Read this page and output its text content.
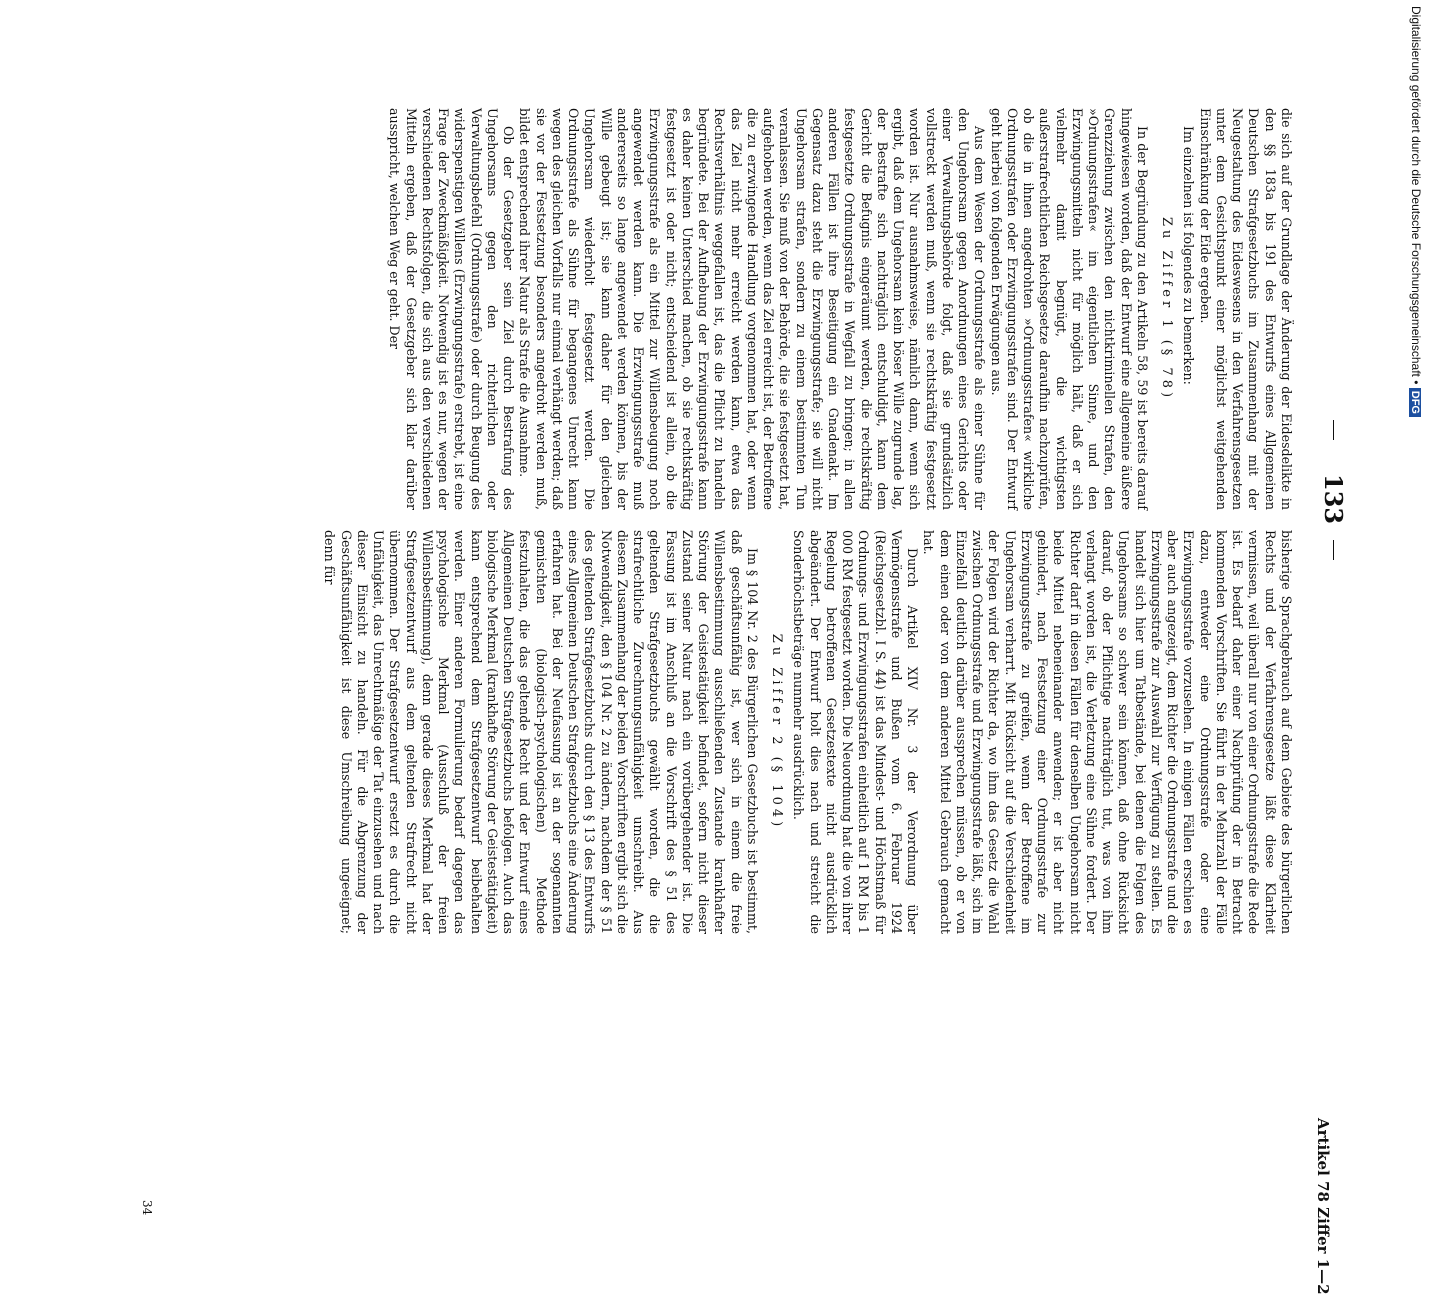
133
Artikel 78 Ziffer 1—2

die sich auf der Grundlage der Änderung der Eidesdelikte in den §§ 183a bis 191 des Entwurfs eines Allgemeinen Deutschen Strafgesetzbuchs im Zusammenhang mit der Neugestaltung des Eideswesens in den Verfahrensgesetzen unter dem Gesichtspunkt einer möglichst weitgehenden Einschränkung der Eide ergeben.

Im einzelnen ist folgendes zu bemerken:

Zu Ziffer 1 (§ 78)

In der Begründung zu den Artikeln 58, 59 ist bereits darauf hingewiesen worden, daß der Entwurf eine allgemeine äußere Grenzziehung zwischen den nichtkriminellen Strafen, den »Ordnungsstrafen« im eigentlichen Sinne, und den Erzwingungsmitteln nicht für möglich hält, daß er sich vielmehr damit begnügt, die wichtigsten außerstrafrechtlichen Reichsgesetze daraufhin nachzuprüfen, ob die in ihnen angedrohten »Ordnungsstrafen« wirkliche Ordnungsstrafen oder Erzwingungsstrafen sind. Der Entwurf geht hierbei von folgenden Erwägungen aus.

Aus dem Wesen der Ordnungsstrafe als einer Sühne für den Ungehorsam gegen Anordnungen eines Gerichts oder einer Verwaltungsbehörde folgt, daß sie grundsätzlich vollstreckt werden muß, wenn sie rechtskräftig festgesetzt worden ist. Nur ausnahmsweise, nämlich dann, wenn sich ergibt, daß dem Ungehorsam kein böser Wille zugrunde lag, der Bestrafte sich nachträglich entschuldigt, kann dem Gericht die Befugnis eingeräumt werden, die rechtskräftig festgesetzte Ordnungsstrafe in Wegfall zu bringen; in allen anderen Fällen ist ihre Beseitigung ein Gnadenakt. Im Gegensatz dazu steht die Erzwingungsstrafe; sie will nicht Ungehorsam strafen, sondern zu einem bestimmten Tun veranlassen. Sie muß von der Behörde, die sie festgesetzt hat, aufgehoben werden, wenn das Ziel erreicht ist, der Betroffene die zu erzwingende Handlung vorgenommen hat, oder wenn das Ziel nicht mehr erreicht werden kann, etwa das Rechtsverhältnis weggefallen ist, das die Pflicht zu handeln begründete. Bei der Aufhebung der Erzwingungsstrafe kann es daher keinen Unterschied machen, ob sie rechtskräftig festgesetzt ist oder nicht; entscheidend ist allein, ob die Erzwingungsstrafe als ein Mittel zur Willensbeugung noch angewendet werden kann. Die Erzwingungsstrafe muß andererseits so lange angewendet werden können, bis der Wille gebeugt ist; sie kann daher für den gleichen Ungehorsam wiederholt festgesetzt werden. Die Ordnungsstrafe als Sühne für begangenes Unrecht kann wegen des gleichen Vorfalls nur einmal verhängt werden; daß sie vor der Festsetzung besonders angedroht werden muß, bildet entsprechend ihrer Natur als Strafe die Ausnahme.

Ob der Gesetzgeber sein Ziel durch Bestrafung des Ungehorsams gegen den richterlichen oder Verwaltungsbefehl (Ordnungsstrafe) oder durch Beugung des widerspenstigen Willens (Erzwingungsstrafe) erstrebt, ist eine Frage der Zweckmäßigkeit. Notwendig ist es nur, wegen der verschiedenen Rechtsfolgen, die sich aus den verschiedenen Mitteln ergeben, daß der Gesetzgeber sich klar darüber ausspricht, welchen Weg er geht. Der

bisherige Sprachgebrauch auf dem Gebiete des bürgerlichen Rechts und der Verfahrensgesetze läßt diese Klarheit vermissen, weil überall nur von einer Ordnungsstrafe die Rede ist. Es bedarf daher einer Nachprüfung der in Betracht kommenden Vorschriften. Sie führt in der Mehrzahl der Fälle dazu, entweder eine Ordnungsstrafe oder eine Erzwingungsstrafe vorzusehen. In einigen Fällen erschien es aber auch angezeigt, dem Richter die Ordnungsstrafe und die Erzwingungsstrafe zur Auswahl zur Verfügung zu stellen. Es handelt sich hier um Tatbestände, bei denen die Folgen des Ungehorsams so schwer sein können, daß ohne Rücksicht darauf, ob der Pflichtige nachträglich tut, was von ihm verlangt worden ist, die Verletzung eine Sühne fordert. Der Richter darf in diesen Fällen für denselben Ungehorsam nicht beide Mittel nebeneinander anwenden; er ist aber nicht gehindert, nach Festsetzung einer Ordnungsstrafe zur Erzwingungsstrafe zu greifen, wenn der Betroffene im Ungehorsam verharrt. Mit Rücksicht auf die Verschiedenheit der Folgen wird der Richter da, wo ihm das Gesetz die Wahl zwischen Ordnungsstrafe und Erzwingungsstrafe läßt, sich im Einzelfall deutlich darüber aussprechen müssen, ob er von dem einen oder von dem anderen Mittel Gebrauch gemacht hat.

Durch Artikel XIV Nr. 3 der Verordnung über Vermögensstrafe und Bußen vom 6. Februar 1924 (Reichsgesetzbl. I S. 44) ist das Mindest- und Höchstmaß für Ordnungs- und Erzwingungsstrafen einheitlich auf 1 RM bis 1 000 RM festgesetzt worden. Die Neuordnung hat die von ihrer Regelung betroffenen Gesetzestexte nicht ausdrücklich abgeändert. Der Entwurf holt dies nach und streicht die Sonderhöchstbeträge nunmehr ausdrücklich.

Zu Ziffer 2 (§ 104)

Im § 104 Nr. 2 des Bürgerlichen Gesetzbuchs ist bestimmt, daß geschäftsunfähig ist, wer sich in einem die freie Willensbestimmung ausschließenden Zustande krankhafter Störung der Geistestätigkeit befindet, sofern nicht dieser Zustand seiner Natur nach ein vorübergehender ist. Die Fassung ist im Anschluß an die Vorschrift des § 51 des geltenden Strafgesetzbuchs gewählt worden, die die strafrechtliche Zurechnungsunfähigkeit umschreibt. Aus diesem Zusammenhang der beiden Vorschriften ergibt sich die Notwendigkeit, den § 104 Nr. 2 zu ändern, nachdem der § 51 des geltenden Strafgesetzbuchs durch den § 13 des Entwurfs eines Allgemeinen Deutschen Strafgesetzbuchs eine Änderung erfahren hat. Bei der Neufassung ist an der sogenannten gemischten (biologisch-psychologischen) Methode festzuhalten, die das geltende Recht und der Entwurf eines Allgemeinen Deutschen Strafgesetzbuchs befolgen. Auch das biologische Merkmal (krankhafte Störung der Geistestätigkeit) kann entsprechend dem Strafgesetzentwurf beibehalten werden. Einer anderen Formulierung bedarf dagegen das psychologische Merkmal (Ausschluß der freien Willensbestimmung), denn gerade dieses Merkmal hat der Strafgesetzentwurf aus dem geltenden Strafrecht nicht übernommen. Der Strafgesetzentwurf ersetzt es durch die Unfähigkeit, das Unrechtmäßige der Tat einzusehen und nach dieser Einsicht zu handeln. Für die Abgrenzung der Geschäftsunfähigkeit ist diese Umschreibung ungeeignet; denn für

34
Digitalisierung gefördert durch die Deutsche Forschungsgemeinschaft • DFG
